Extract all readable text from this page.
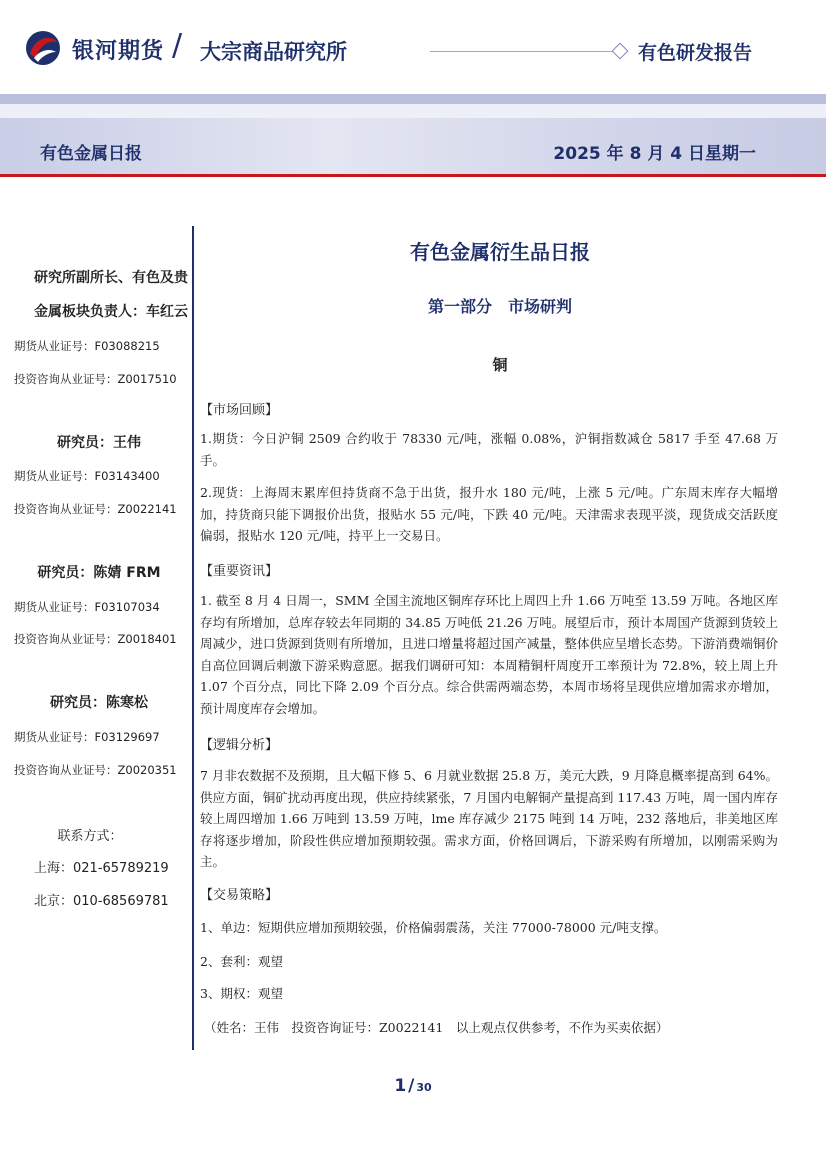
银河期货 / 大宗商品研究所	有色研发报告
有色金属日报	2025 年 8 月 4 日星期一
研究所副所长、有色及贵
金属板块负责人：车红云
期货从业证号：F03088215
投资咨询从业证号：Z0017510
研究员：王伟
期货从业证号：F03143400
投资咨询从业证号：Z0022141
研究员：陈婧 FRM
期货从业证号：F03107034
投资咨询从业证号：Z0018401
研究员：陈寒松
期货从业证号：F03129697
投资咨询从业证号：Z0020351
联系方式：
上海：021-65789219
北京：010-68569781
有色金属衍生品日报
第一部分　市场研判
铜
【市场回顾】
1.期货：今日沪铜 2509 合约收于 78330 元/吨，涨幅 0.08%，沪铜指数减仓 5817 手至 47.68 万手。
2.现货：上海周末累库但持货商不急于出货，报升水 180 元/吨，上涨 5 元/吨。广东周末库存大幅增加，持货商只能下调报价出货，报贴水 55 元/吨，下跌 40 元/吨。天津需求表现平淡，现货成交活跃度偏弱，报贴水 120 元/吨，持平上一交易日。
【重要资讯】
1. 截至 8 月 4 日周一，SMM 全国主流地区铜库存环比上周四上升 1.66 万吨至 13.59 万吨。各地区库存均有所增加，总库存较去年同期的 34.85 万吨低 21.26 万吨。展望后市，预计本周国产货源到货较上周减少，进口货源到货则有所增加，且进口增量将超过国产减量，整体供应呈增长态势。下游消费端铜价自高位回调后刺激下游采购意愿。据我们调研可知：本周精铜杆周度开工率预计为 72.8%，较上周上升 1.07 个百分点，同比下降 2.09 个百分点。综合供需两端态势，本周市场将呈现供应增加需求亦增加，预计周度库存会增加。
【逻辑分析】
7 月非农数据不及预期，且大幅下修 5、6 月就业数据 25.8 万，美元大跌，9 月降息概率提高到 64%。供应方面，铜矿扰动再度出现，供应持续紧张，7 月国内电解铜产量提高到 117.43 万吨，周一国内库存较上周四增加 1.66 万吨到 13.59 万吨，lme 库存减少 2175 吨到 14 万吨，232 落地后，非美地区库存将逐步增加，阶段性供应增加预期较强。需求方面，价格回调后，下游采购有所增加，以刚需采购为主。
【交易策略】
1、单边：短期供应增加预期较强，价格偏弱震荡，关注 77000-78000 元/吨支撑。
2、套利：观望
3、期权：观望
（姓名：王伟　投资咨询证号：Z0022141　以上观点仅供参考，不作为买卖依据）
1 / 30
